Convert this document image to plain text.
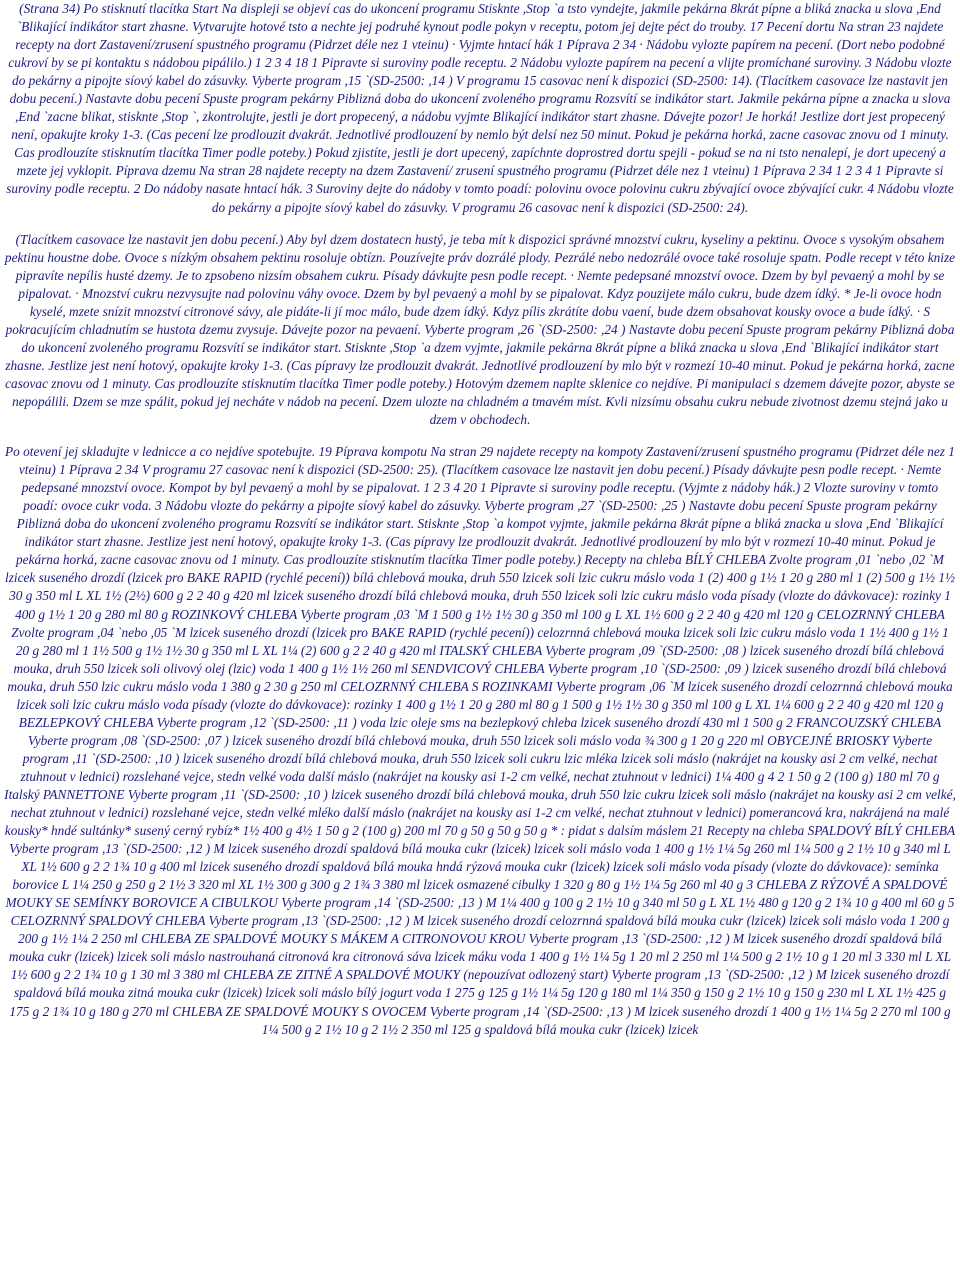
(Strana 34) Po stisknutí tlacítka Start Na displeji se objeví cas do ukoncení programu Stisknte ,Stop `a tsto vyndejte, jakmile pekárna 8krát pípne a bliká znacka u slova ,End `Blikající indikátor start zhasne. Vytvarujte hotové tsto a nechte jej podruhé kynout podle pokyn v receptu, potom jej dejte péct do trouby. 17 Pecení dortu Na stran 23 najdete recepty na dort Zastavení/zrusení spustného programu (Pidrzet déle nez 1 vteinu) · Vyjmte hntací hák 1 Pípravа 2 34 · Nádobu vylozte papírem na pecení. (Dort nebo podobné cukroví by se pi kontaktu s nádobou pipálilo.) 1 2 3 4 18 1 Pipravte si suroviny podle receptu. 2 Nádobu vylozte papírem na pecení a vlijte promíchané suroviny. 3 Nádobu vlozte do pekárny a pipojte síový kabel do zásuvky. Vyberte program ,15 `(SD-2500: ,14 ) V programu 15 casovac není k dispozici (SD-2500: 14). (Tlacítkem casovace lze nastavit jen dobu pecení.) Nastavte dobu pecení Spuste program pekárny Piblizná doba do ukoncení zvoleného programu Rozsvítí se indikátor start. Jakmile pekárna pípne a znacka u slova ,End `zacne blikat, stisknte ,Stop `, zkontrolujte, jestli je dort propecený, a nádobu vyjmte Blikající indikátor start zhasne. Dávejte pozor! Je horká! Jestlize dort jest propecený není, opakujte kroky 1-3. (Cas pecení lze prodlouzit dvakrát. Jednotlivé prodlouzení by nemlo být delsí nez 50 minut. Pokud je pekárna horká, zacne casovac znovu od 1 minuty. Cas prodlouzíte stisknutím tlacítka Timer podle poteby.) Pokud zjistíte, jestli je dort upecený, zapíchnte doprostred dortu spejli - pokud se na ni tsto nenalepí, je dort upecený a mzete jej vyklopit. Pípravа dzemu Na stran 28 najdete recepty na dzem Zastavení/ zrusení spustného programu (Pidrzet déle nez 1 vteinu) 1 Pípravа 2 34 1 2 3 4 1 Pipravte si suroviny podle receptu. 2 Do nádoby nasate hntací hák. 3 Suroviny dejte do nádoby v tomto poadí: polovinu ovoce polovinu cukru zbývající ovoce zbývající cukr. 4 Nádobu vlozte do pekárny a pipojte síový kabel do zásuvky. V programu 26 casovac není k dispozici (SD-2500: 24).

(Tlacítkem casovace lze nastavit jen dobu pecení.) Aby byl dzem dostatecn hustý, je teba mít k dispozici správné mnozství cukru, kyseliny a pektinu. Ovoce s vysokým obsahem pektinu houstne dobe. Ovoce s nízkým obsahem pektinu rosoluje obtízn. Pouzívejte práv dozrálé plody. Pezrálé nebo nedozrálé ovoce také rosoluje spatn. Podle recept v této knize pipravíte nepílis husté dzemy. Je to zpsobeno nizsím obsahem cukru. Písady dávkujte pesn podle recept. · Nemte pedepsané mnozství ovoce. Dzem by byl pevaený a mohl by se pipalovat. · Mnozství cukru nezvysujte nad polovinu váhy ovoce. Dzem by byl pevaený a mohl by se pipalovat. Kdyz pouzijete málo cukru, bude dzem ídký. * Je-li ovoce hodn kyselé, mzete snízit mnozství citronové sávy, ale pidáte-li jí moc málo, bude dzem ídký. Kdyz pílis zkrátíte dobu vaení, bude dzem obsahovat kousky ovoce a bude ídký. · S pokracujícím chladnutím se hustota dzemu zvysuje. Dávejte pozor na pevaení. Vyberte program ,26 `(SD-2500: ,24 ) Nastavte dobu pecení Spuste program pekárny Piblizná doba do ukoncení zvoleného programu Rozsvítí se indikátor start. Stisknte ,Stop `a dzem vyjmte, jakmile pekárna 8krát pípne a bliká znacka u slova ,End `Blikající indikátor start zhasne. Jestlize jest není hotový, opakujte kroky 1-3. (Cas pípravy lze prodlouzit dvakrát. Jednotlivé prodlouzení by mlo být v rozmezí 10-40 minut. Pokud je pekárna horká, zacne casovac znovu od 1 minuty. Cas prodlouzíte stisknutím tlacítka Timer podle poteby.) Hotovým dzemem naplte sklenice co nejdíve. Pi manipulaci s dzemem dávejte pozor, abyste se nepopálili. Dzem se mze spálit, pokud jej necháte v nádob na pecení. Dzem ulozte na chladném a tmavém míst. Kvli nizsímu obsahu cukru nebude zivotnost dzemu stejná jako u dzem v obchodech.

Po otevení jej skladujte v lednicce a co nejdíve spotebujte. 19 Pípravа kompotu Na stran 29 najdete recepty na kompoty Zastavení/zrusení spustného programu (Pidrzet déle nez 1 vteinu) 1 Pípravа 2 34 V programu 27 casovac není k dispozici (SD-2500: 25). (Tlacítkem casovace lze nastavit jen dobu pecení.) Písady dávkujte pesn podle recept. · Nemte pedepsané mnozství ovoce. Kompot by byl pevaený a mohl by se pipalovat. 1 2 3 4 20 1 Pipravte si suroviny podle receptu. (Vyjmte z nádoby hák.) 2 Vlozte suroviny v tomto poadí: ovoce cukr voda. 3 Nádobu vlozte do pekárny a pipojte síový kabel do zásuvky. Vyberte program ,27 `(SD-2500: ,25 ) Nastavte dobu pecení Spuste program pekárny Piblizná doba do ukoncení zvoleného programu Rozsvítí se indikátor start. Stisknte ,Stop `a kompot vyjmte, jakmile pekárna 8krát pípne a bliká znacka u slova ,End `Blikající indikátor start zhasne. Jestlize jest není hotový, opakujte kroky 1-3. (Cas pípravy lze prodlouzit dvakrát. Jednotlivé prodlouzení by mlo být v rozmezí 10-40 minut. Pokud je pekárna horká, zacne casovac znovu od 1 minuty. Cas prodlouzíte stisknutím tlacítka Timer podle poteby.) Recepty na chleba BÍLÝ CHLEBA Zvolte program ,01 `nebo ,02 `M lzicek suseného drozdí (lzicek pro BAKE RAPID (rychlé pecení)) bílá chlebová mouka, druh 550 lzicek soli lzic cukru máslo voda 1 (2) 400 g 1½ 1 20 g 280 ml 1 (2) 500 g 1½ 1½ 30 g 350 ml L XL 1½ (2½) 600 g 2 2 40 g 420 ml lzicek suseného drozdí bílá chlebová mouka, druh 550 lzicek soli lzic cukru máslo voda písady (vlozte do dávkovace): rozinky 1 400 g 1½ 1 20 g 280 ml 80 g ROZINKOVÝ CHLEBA Vyberte program ,03 `M 1 500 g 1½ 1½ 30 g 350 ml 100 g L XL 1½ 600 g 2 2 40 g 420 ml 120 g CELOZRNNÝ CHLEBA Zvolte program ,04 `nebo ,05 `M lzicek suseného drozdí (lzicek pro BAKE RAPID (rychlé pecení)) celozrnná chlebová mouka lzicek soli lzic cukru máslo voda 1 1½ 400 g 1½ 1 20 g 280 ml 1 1½ 500 g 1½ 1½ 30 g 350 ml L XL 1¼ (2) 600 g 2 2 40 g 420 ml ITALSKÝ CHLEBA Vyberte program ,09 `(SD-2500: ,08 ) lzicek suseného drozdí bílá chlebová mouka, druh 550 lzicek soli olivový olej (lzic) voda 1 400 g 1½ 1½ 260 ml SENDVICOVÝ CHLEBA Vyberte program ,10 `(SD-2500: ,09 ) lzicek suseného drozdí bílá chlebová mouka, druh 550 lzic cukru máslo voda 1 380 g 2 30 g 250 ml CELOZRNNÝ CHLEBA S ROZINKAMI Vyberte program ,06 `M lzicek suseného drozdí celozrnná chlebová mouka lzicek soli lzic cukru máslo voda písady (vlozte do dávkovace): rozinky 1 400 g 1½ 1 20 g 280 ml 80 g 1 500 g 1½ 1½ 30 g 350 ml 100 g L XL 1¼ 600 g 2 2 40 g 420 ml 120 g BEZLEPKOVÝ CHLEBA Vyberte program ,12 `(SD-2500: ,11 ) voda lzic oleje sms na bezlepkový chleba lzicek suseného drozdí 430 ml 1 500 g 2 FRANCOUZSKÝ CHLEBA Vyberte program ,08 `(SD-2500: ,07 ) lzicek suseného drozdí bílá chlebová mouka, druh 550 lzicek soli máslo voda ¾ 300 g 1 20 g 220 ml OBYCEJNÉ BRIOSKY Vyberte program ,11 `(SD-2500: ,10 ) lzicek suseného drozdí bílá chlebová mouka, druh 550 lzicek soli cukru lzic mléka lzicek soli máslo (nakrájet na kousky asi 2 cm velké, nechat ztuhnout v lednici) rozslehané vejce, stedn velké voda další máslo (nakrájet na kousky asi 1-2 cm velké, nechat ztuhnout v lednici) 1¼ 400 g 4 2 1 50 g 2 (100 g) 180 ml 70 g Italský PANNETTONE Vyberte program ,11 `(SD-2500: ,10 ) lzicek suseného drozdí bílá chlebová mouka, druh 550 lzic cukru lzicek soli máslo (nakrájet na kousky asi 2 cm velké, nechat ztuhnout v lednici) rozslehané vejce, stedn velké mléko další máslo (nakrájet na kousky asi 1-2 cm velké, nechat ztuhnout v lednici) pomerancová kra, nakrájená na malé kousky* hndé sultánky* susený cerný rybíz* 1½ 400 g 4½ 1 50 g 2 (100 g) 200 ml 70 g 50 g 50 g 50 g * : pidat s dalsím máslem 21 Recepty na chleba SPALDOVÝ BÍLÝ CHLEBA Vyberte program ,13 `(SD-2500: ,12 ) M lzicek suseného drozdí spaldová bílá mouka cukr (lzicek) lzicek soli máslo voda 1 400 g 1½ 1¼ 5g 260 ml 1¼ 500 g 2 1½ 10 g 340 ml L XL 1½ 600 g 2 2 1¾ 10 g 400 ml lzicek suseného drozdí spaldová bílá mouka hndá rýzová mouka cukr (lzicek) lzicek soli máslo voda písady (vlozte do dávkovace): semínka borovice L 1¼ 250 g 250 g 2 1½ 3 320 ml XL 1½ 300 g 300 g 2 1¾ 3 380 ml lzicek osmazené cibulky 1 320 g 80 g 1½ 1¼ 5g 260 ml 40 g 3 CHLEBA Z RÝZOVÉ A SPALDOVÉ MOUKY SE SEMÍNKY BOROVICE A CIBULKOU Vyberte program ,14 `(SD-2500: ,13 ) M 1¼ 400 g 100 g 2 1½ 10 g 340 ml 50 g L XL 1½ 480 g 120 g 2 1¾ 10 g 400 ml 60 g 5 CELOZRNNÝ SPALDOVÝ CHLEBA Vyberte program ,13 `(SD-2500: ,12 ) M lzicek suseného drozdí celozrnná spaldová bílá mouka cukr (lzicek) lzicek soli máslo voda 1 200 g 200 g 1½ 1¼ 2 250 ml CHLEBA ZE SPALDOVÉ MOUKY S MÁKEM A CITRONOVOU KROU Vyberte program ,13 `(SD-2500: ,12 ) M lzicek suseného drozdí spaldová bílá mouka cukr (lzicek) lzicek soli máslo nastrouhaná citronová kra citronová sáva lzicek máku voda 1 400 g 1½ 1¼ 5g 1 20 ml 2 250 ml 1¼ 500 g 2 1½ 10 g 1 20 ml 3 330 ml L XL 1½ 600 g 2 2 1¾ 10 g 1 30 ml 3 380 ml CHLEBA ZE ZITNÉ A SPALDOVÉ MOUKY (nepouzívat odlozený start) Vyberte program ,13 `(SD-2500: ,12 ) M lzicek suseného drozdí spaldová bílá mouka zitná mouka cukr (lzicek) lzicek soli máslo bílý jogurt voda 1 275 g 125 g 1½ 1¼ 5g 120 g 180 ml 1¼ 350 g 150 g 2 1½ 10 g 150 g 230 ml L XL 1½ 425 g 175 g 2 1¾ 10 g 180 g 270 ml CHLEBA ZE SPALDOVÉ MOUKY S OVOCEM Vyberte program ,14 `(SD-2500: ,13 ) M lzicek suseného drozdí 1 400 g 1½ 1¼ 5g 2 270 ml 100 g 1¼ 500 g 2 1½ 10 g 2 1½ 2 350 ml 125 g spaldová bílá mouka cukr (lzicek) lzicek
